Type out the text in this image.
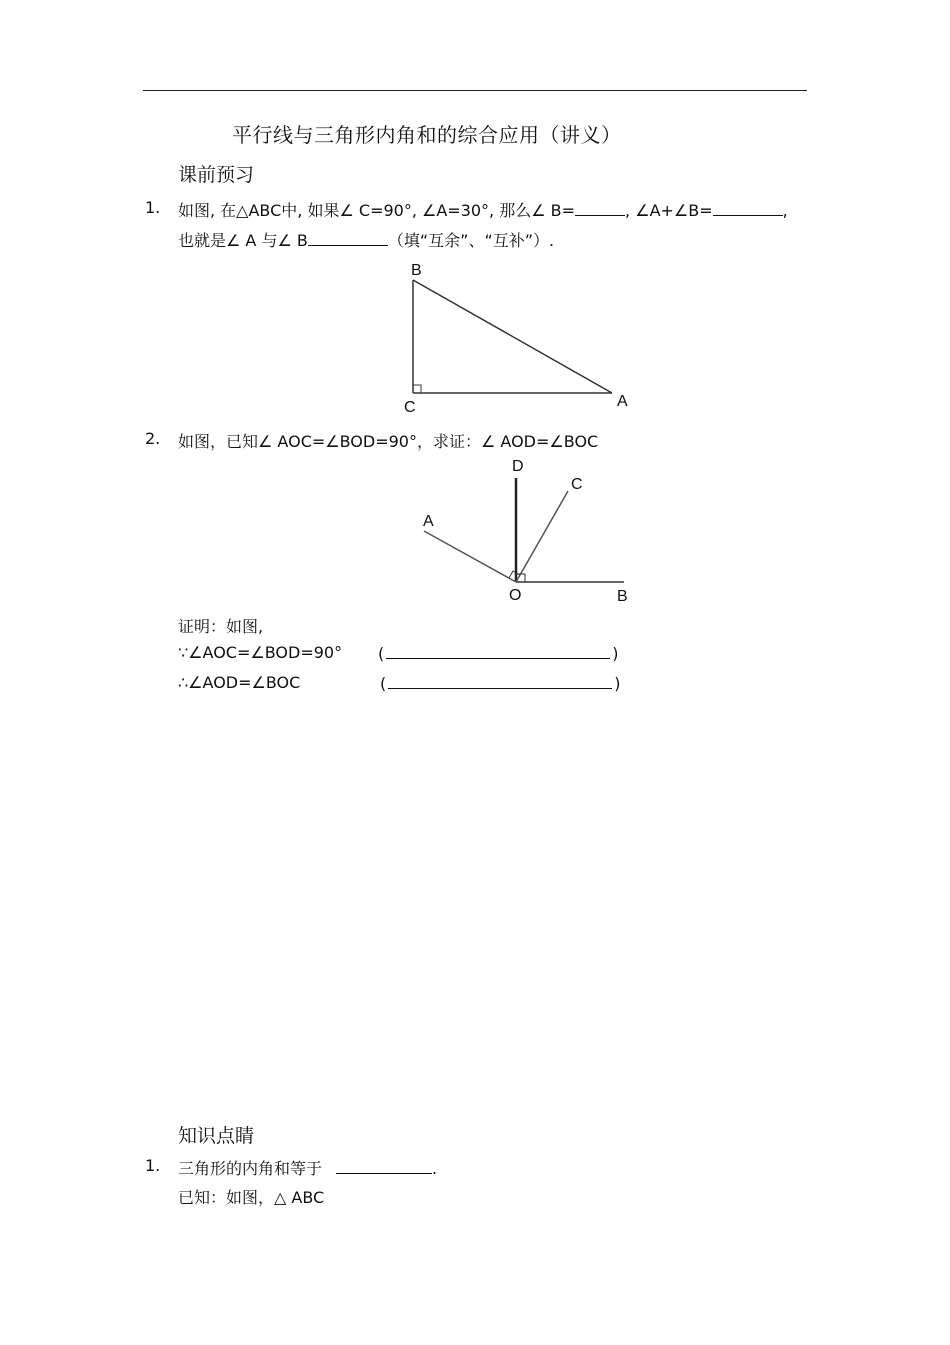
平行线与三角形内角和的综合应用（讲义）
课前预习
1. 如图, 在△ABC中, 如果∠ C=90°, ∠A=30°, 那么∠ B=	, ∠A+∠B=	,
也就是∠ A 与∠ B	（填“互余”、“互补”）.
B
C	A
D
C
A
O	B
2. 如图，已知∠ AOC=∠BOD=90°，求证：∠ AOD=∠BOC
证明：如图,
∵∠AOC=∠BOD=90° (	)
∴∠AOD=∠BOC	(	)
知识点睛
1. 三角形的内角和等于	.
已知：如图，△ ABC
